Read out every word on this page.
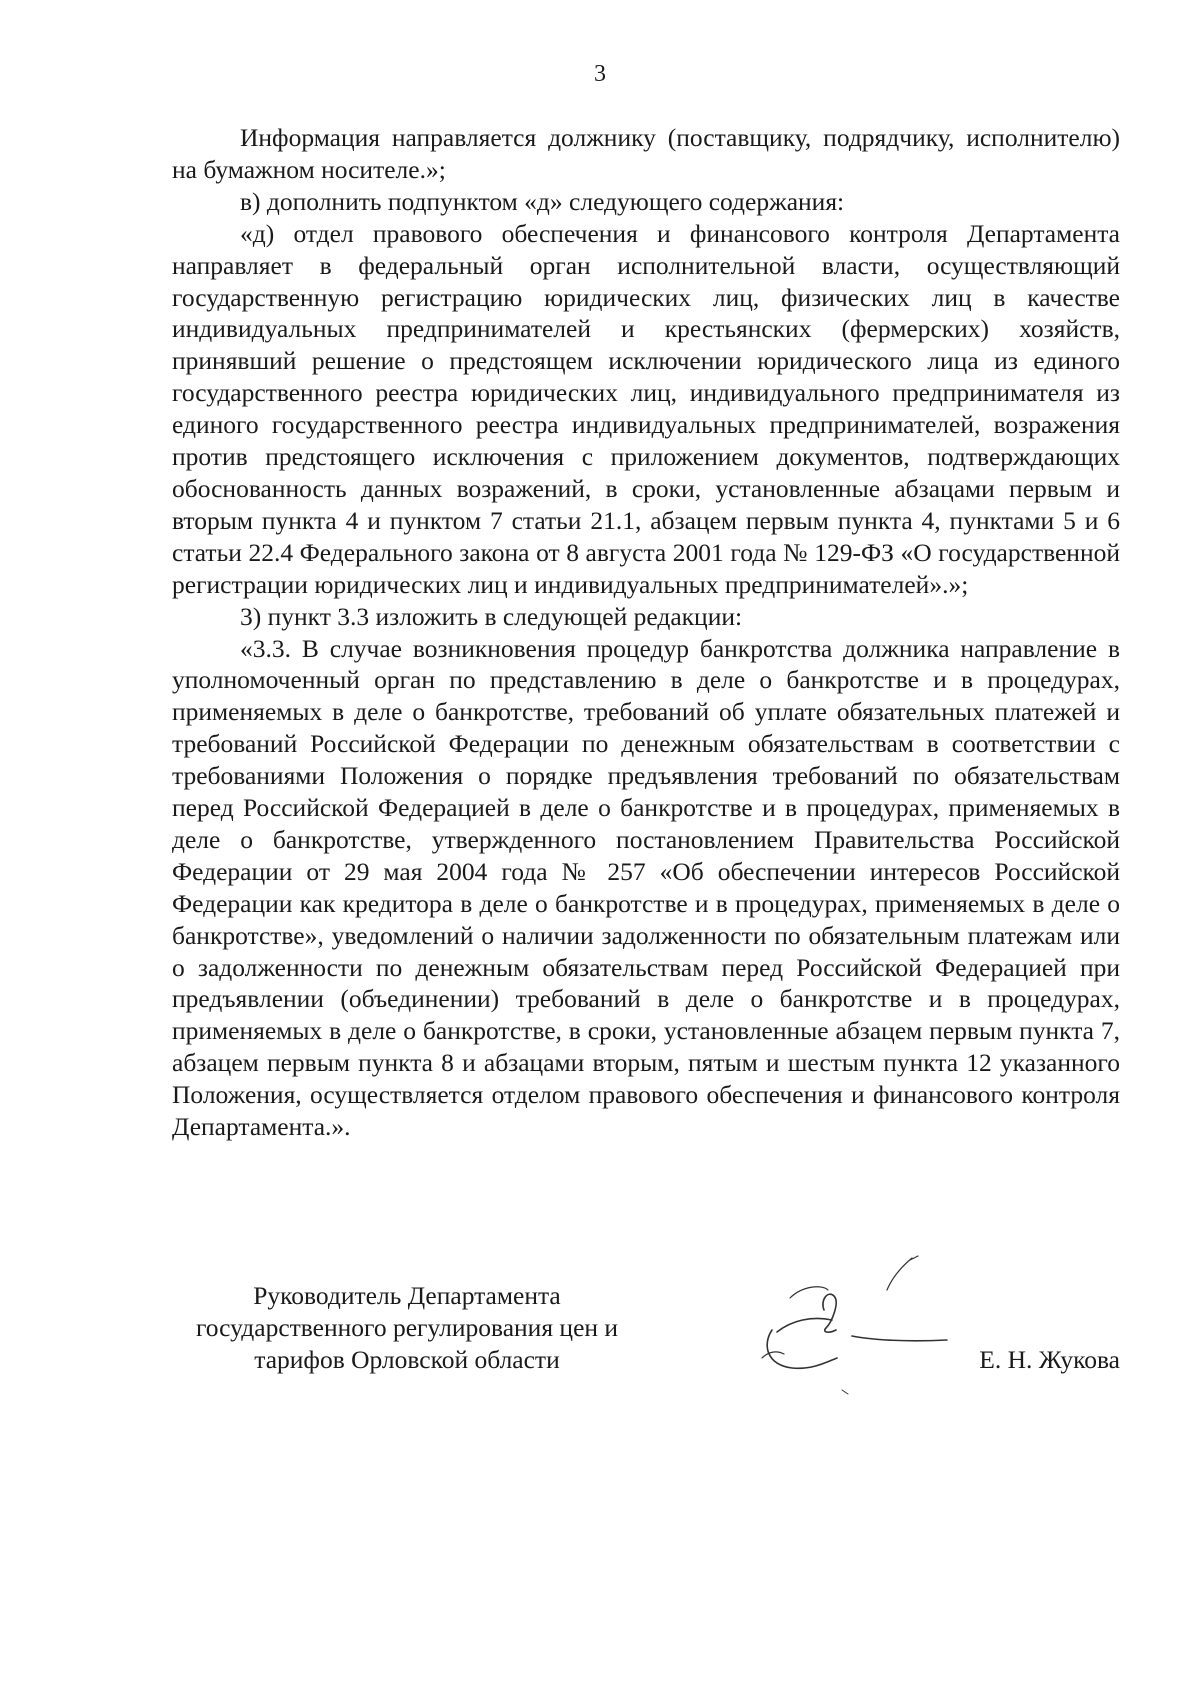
3

Информация направляется должнику (поставщику, подрядчику, исполнителю) на бумажном носителе.»;

в) дополнить подпунктом «д» следующего содержания:

«д) отдел правового обеспечения и финансового контроля Департамента направляет в федеральный орган исполнительной власти, осуществляющий государственную регистрацию юридических лиц, физических лиц в качестве индивидуальных предпринимателей и крестьянских (фермерских) хозяйств, принявший решение о предстоящем исключении юридического лица из единого государственного реестра юридических лиц, индивидуального предпринимателя из единого государственного реестра индивидуальных предпринимателей, возражения против предстоящего исключения с приложением документов, подтверждающих обоснованность данных возражений, в сроки, установленные абзацами первым и вторым пункта 4 и пунктом 7 статьи 21.1, абзацем первым пункта 4, пунктами 5 и 6 статьи 22.4 Федерального закона от 8 августа 2001 года № 129-ФЗ «О государственной регистрации юридических лиц и индивидуальных предпринимателей».»;

3) пункт 3.3 изложить в следующей редакции:

«3.3. В случае возникновения процедур банкротства должника направление в уполномоченный орган по представлению в деле о банкротстве и в процедурах, применяемых в деле о банкротстве, требований об уплате обязательных платежей и требований Российской Федерации по денежным обязательствам в соответствии с требованиями Положения о порядке предъявления требований по обязательствам перед Российской Федерацией в деле о банкротстве и в процедурах, применяемых в деле о банкротстве, утвержденного постановлением Правительства Российской Федерации от 29 мая 2004 года № 257 «Об обеспечении интересов Российской Федерации как кредитора в деле о банкротстве и в процедурах, применяемых в деле о банкротстве», уведомлений о наличии задолженности по обязательным платежам или о задолженности по денежным обязательствам перед Российской Федерацией при предъявлении (объединении) требований в деле о банкротстве и в процедурах, применяемых в деле о банкротстве, в сроки, установленные абзацем первым пункта 7, абзацем первым пункта 8 и абзацами вторым, пятым и шестым пункта 12 указанного Положения, осуществляется отделом правового обеспечения и финансового контроля Департамента.».

Руководитель Департамента
государственного регулирования цен и
тарифов Орловской области	Е. Н. Жукова
